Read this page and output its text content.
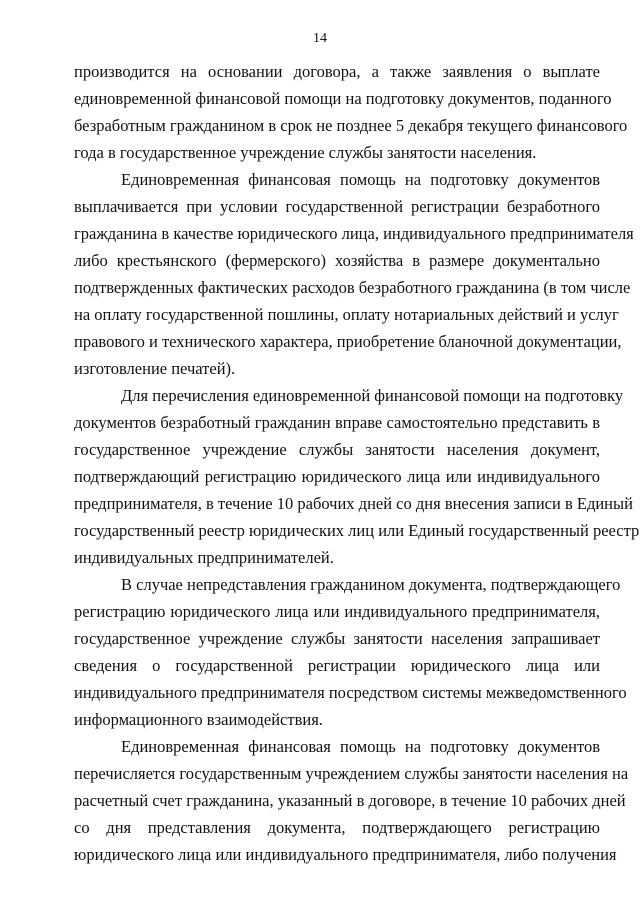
14

производится на основании договора, а также заявления о выплате
единовременной финансовой помощи на подготовку документов, поданного
безработным гражданином в срок не позднее 5 декабря текущего финансового
года в государственное учреждение службы занятости населения.

Единовременная финансовая помощь на подготовку документов
выплачивается при условии государственной регистрации безработного
гражданина в качестве юридического лица, индивидуального предпринимателя
либо крестьянского (фермерского) хозяйства в размере документально
подтвержденных фактических расходов безработного гражданина (в том числе
на оплату государственной пошлины, оплату нотариальных действий и услуг
правового и технического характера, приобретение бланочной документации,
изготовление печатей).

Для перечисления единовременной финансовой помощи на подготовку
документов безработный гражданин вправе самостоятельно представить в
государственное учреждение службы занятости населения документ,
подтверждающий регистрацию юридического лица или индивидуального
предпринимателя, в течение 10 рабочих дней со дня внесения записи в Единый
государственный реестр юридических лиц или Единый государственный реестр
индивидуальных предпринимателей.

В случае непредставления гражданином документа, подтверждающего
регистрацию юридического лица или индивидуального предпринимателя,
государственное учреждение службы занятости населения запрашивает
сведения о государственной регистрации юридического лица или
индивидуального предпринимателя посредством системы межведомственного
информационного взаимодействия.

Единовременная финансовая помощь на подготовку документов
перечисляется государственным учреждением службы занятости населения на
расчетный счет гражданина, указанный в договоре, в течение 10 рабочих дней
со дня представления документа, подтверждающего регистрацию
юридического лица или индивидуального предпринимателя, либо получения
